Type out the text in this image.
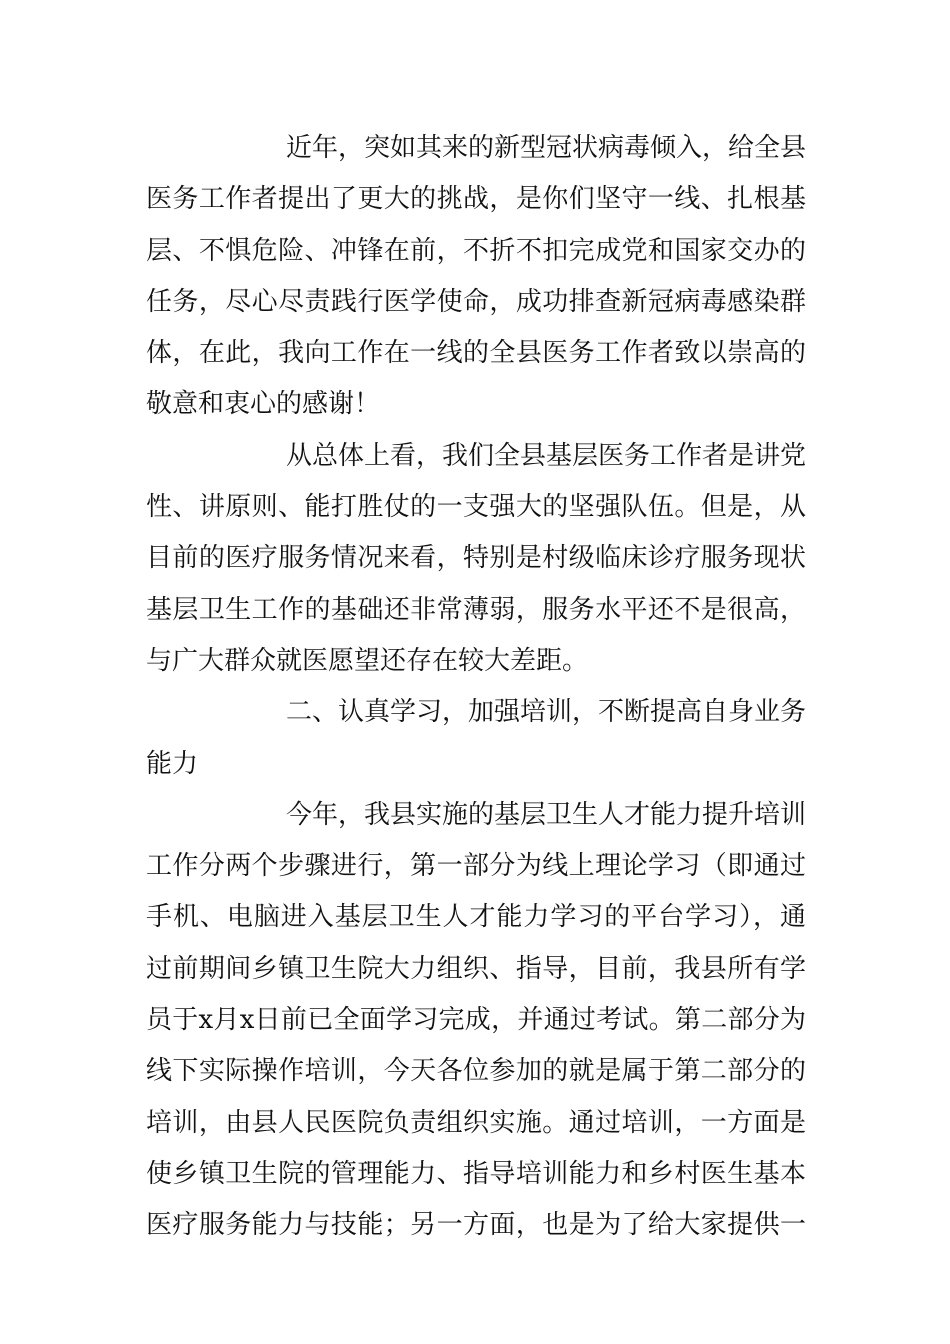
近年，突如其来的新型冠状病毒倾入，给全县
医务工作者提出了更大的挑战，是你们坚守一线、扎根基
层、不惧危险、冲锋在前，不折不扣完成党和国家交办的
任务，尽心尽责践行医学使命，成功排查新冠病毒感染群
体，在此，我向工作在一线的全县医务工作者致以崇高的
敬意和衷心的感谢！
从总体上看，我们全县基层医务工作者是讲党
性、讲原则、能打胜仗的一支强大的坚强队伍。但是，从
目前的医疗服务情况来看，特别是村级临床诊疗服务现状
基层卫生工作的基础还非常薄弱，服务水平还不是很高，
与广大群众就医愿望还存在较大差距。
二、认真学习，加强培训，不断提高自身业务
能力
今年，我县实施的基层卫生人才能力提升培训
工作分两个步骤进行，第一部分为线上理论学习（即通过
手机、电脑进入基层卫生人才能力学习的平台学习），通
过前期间乡镇卫生院大力组织、指导，目前，我县所有学
员于x月x日前已全面学习完成，并通过考试。第二部分为
线下实际操作培训，今天各位参加的就是属于第二部分的
培训，由县人民医院负责组织实施。通过培训，一方面是
使乡镇卫生院的管理能力、指导培训能力和乡村医生基本
医疗服务能力与技能；另一方面，也是为了给大家提供一
